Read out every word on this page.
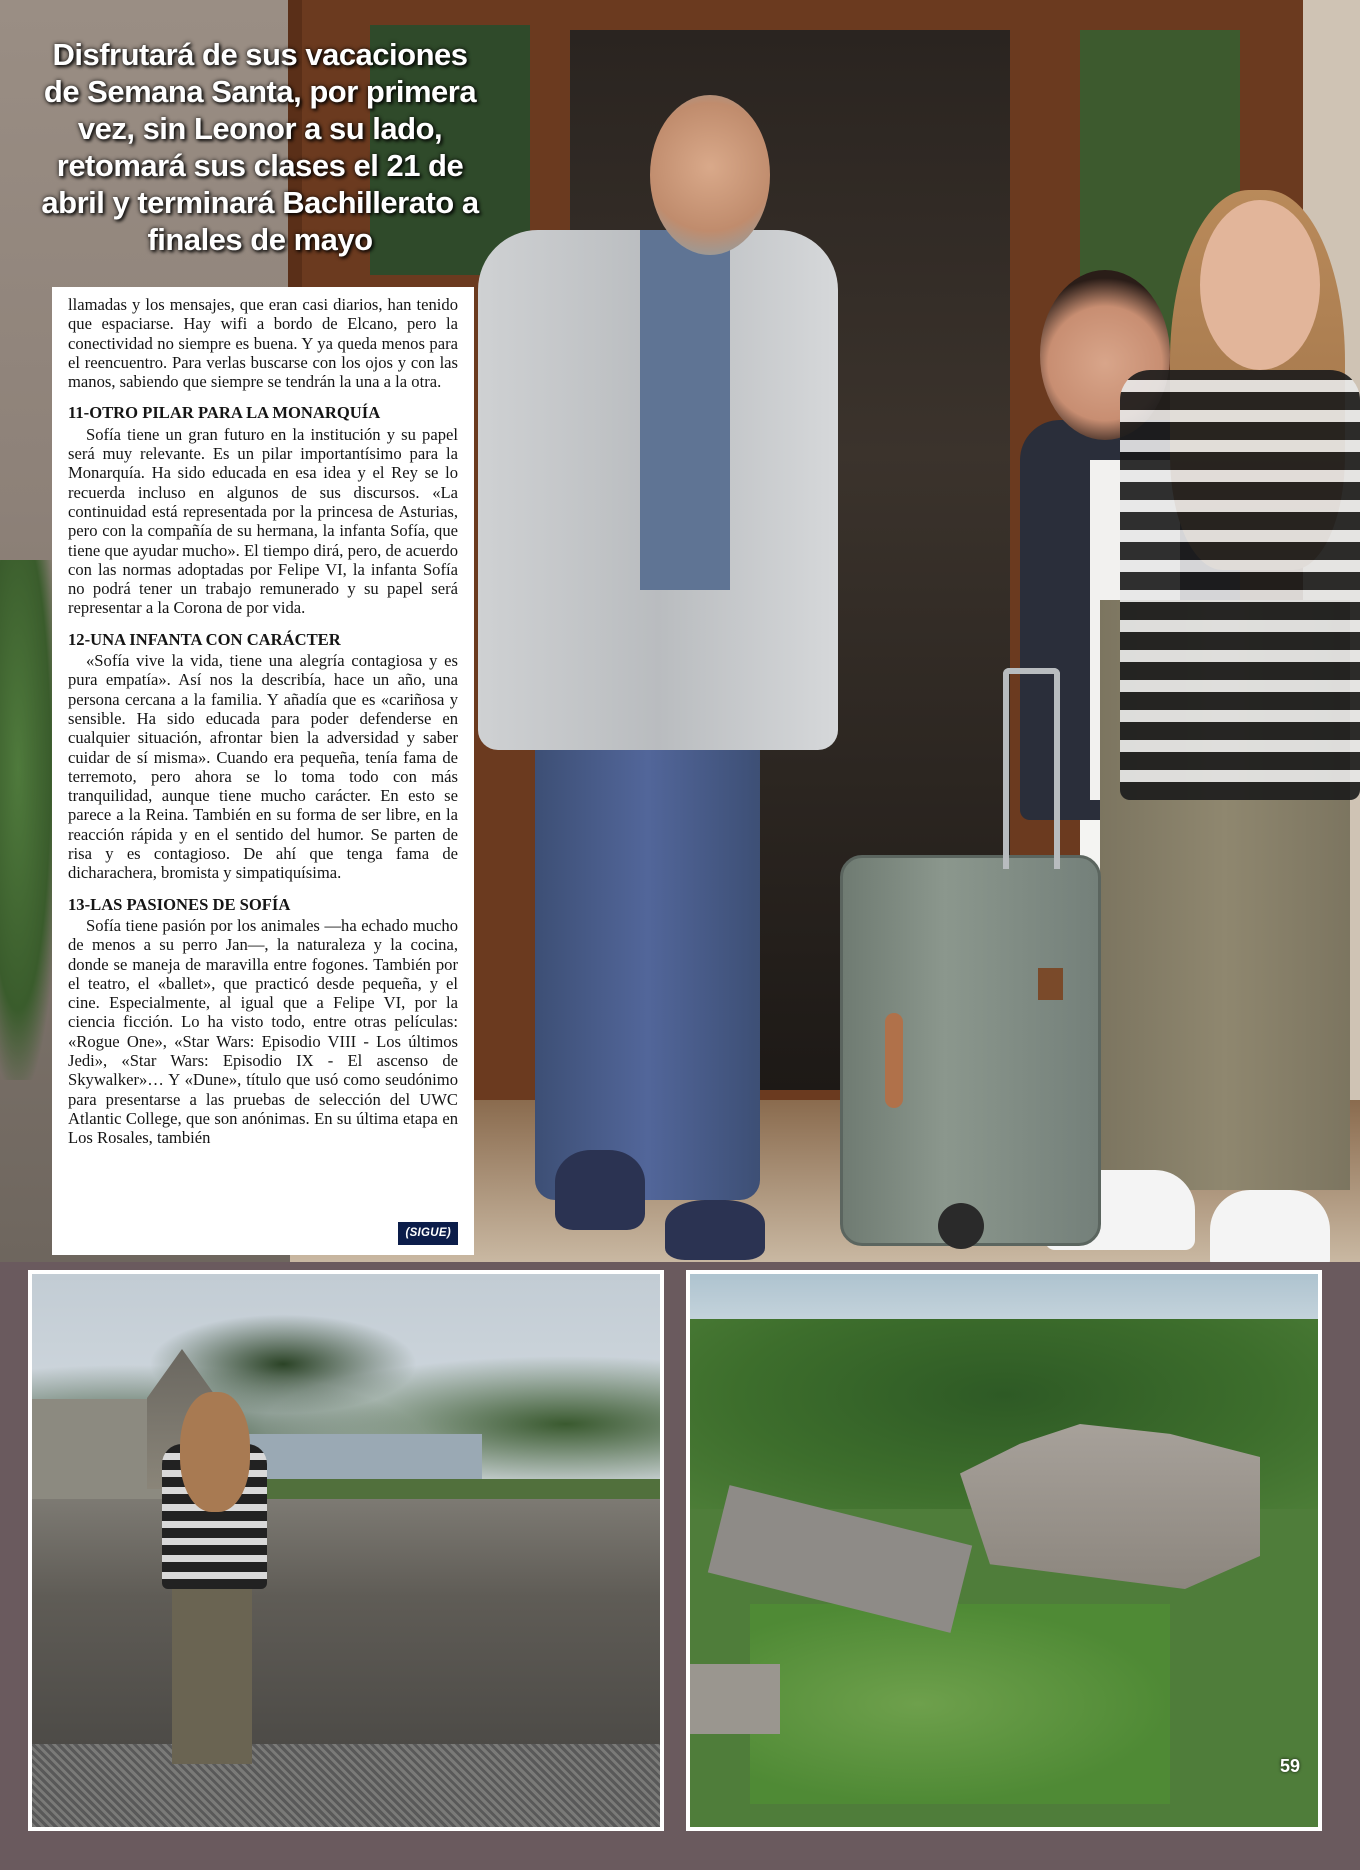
Disfrutará de sus vacaciones de Semana Santa, por primera vez, sin Leonor a su lado, retomará sus clases el 21 de abril y terminará Bachillerato a finales de mayo

llamadas y los mensajes, que eran casi diarios, han tenido que espaciarse. Hay wifi a bordo de Elcano, pero la conectividad no siempre es buena. Y ya queda menos para el reencuentro. Para verlas buscarse con los ojos y con las manos, sabiendo que siempre se tendrán la una a la otra.

11-OTRO PILAR PARA LA MONARQUÍA

Sofía tiene un gran futuro en la institución y su papel será muy relevante. Es un pilar importantísimo para la Monarquía. Ha sido educada en esa idea y el Rey se lo recuerda incluso en algunos de sus discursos. «La continuidad está representada por la princesa de Asturias, pero con la compañía de su hermana, la infanta Sofía, que tiene que ayudar mucho». El tiempo dirá, pero, de acuerdo con las normas adoptadas por Felipe VI, la infanta Sofía no podrá tener un trabajo remunerado y su papel será representar a la Corona de por vida.

12-UNA INFANTA CON CARÁCTER

«Sofía vive la vida, tiene una alegría contagiosa y es pura empatía». Así nos la describía, hace un año, una persona cercana a la familia. Y añadía que es «cariñosa y sensible. Ha sido educada para poder defenderse en cualquier situación, afrontar bien la adversidad y saber cuidar de sí misma». Cuando era pequeña, tenía fama de terremoto, pero ahora se lo toma todo con más tranquilidad, aunque tiene mucho carácter. En esto se parece a la Reina. También en su forma de ser libre, en la reacción rápida y en el sentido del humor. Se parten de risa y es contagioso. De ahí que tenga fama de dicharachera, bromista y simpatiquísima.

13-LAS PASIONES DE SOFÍA

Sofía tiene pasión por los animales —ha echado mucho de menos a su perro Jan—, la naturaleza y la cocina, donde se maneja de maravilla entre fogones. También por el teatro, el «ballet», que practicó desde pequeña, y el cine. Especialmente, al igual que a Felipe VI, por la ciencia ficción. Lo ha visto todo, entre otras películas: «Rogue One», «Star Wars: Episodio VIII - Los últimos Jedi», «Star Wars: Episodio IX - El ascenso de Skywalker»… Y «Dune», título que usó como seudónimo para presentarse a las pruebas de selección del UWC Atlantic College, que son anónimas. En su última etapa en Los Rosales, también

(SIGUE)
59
